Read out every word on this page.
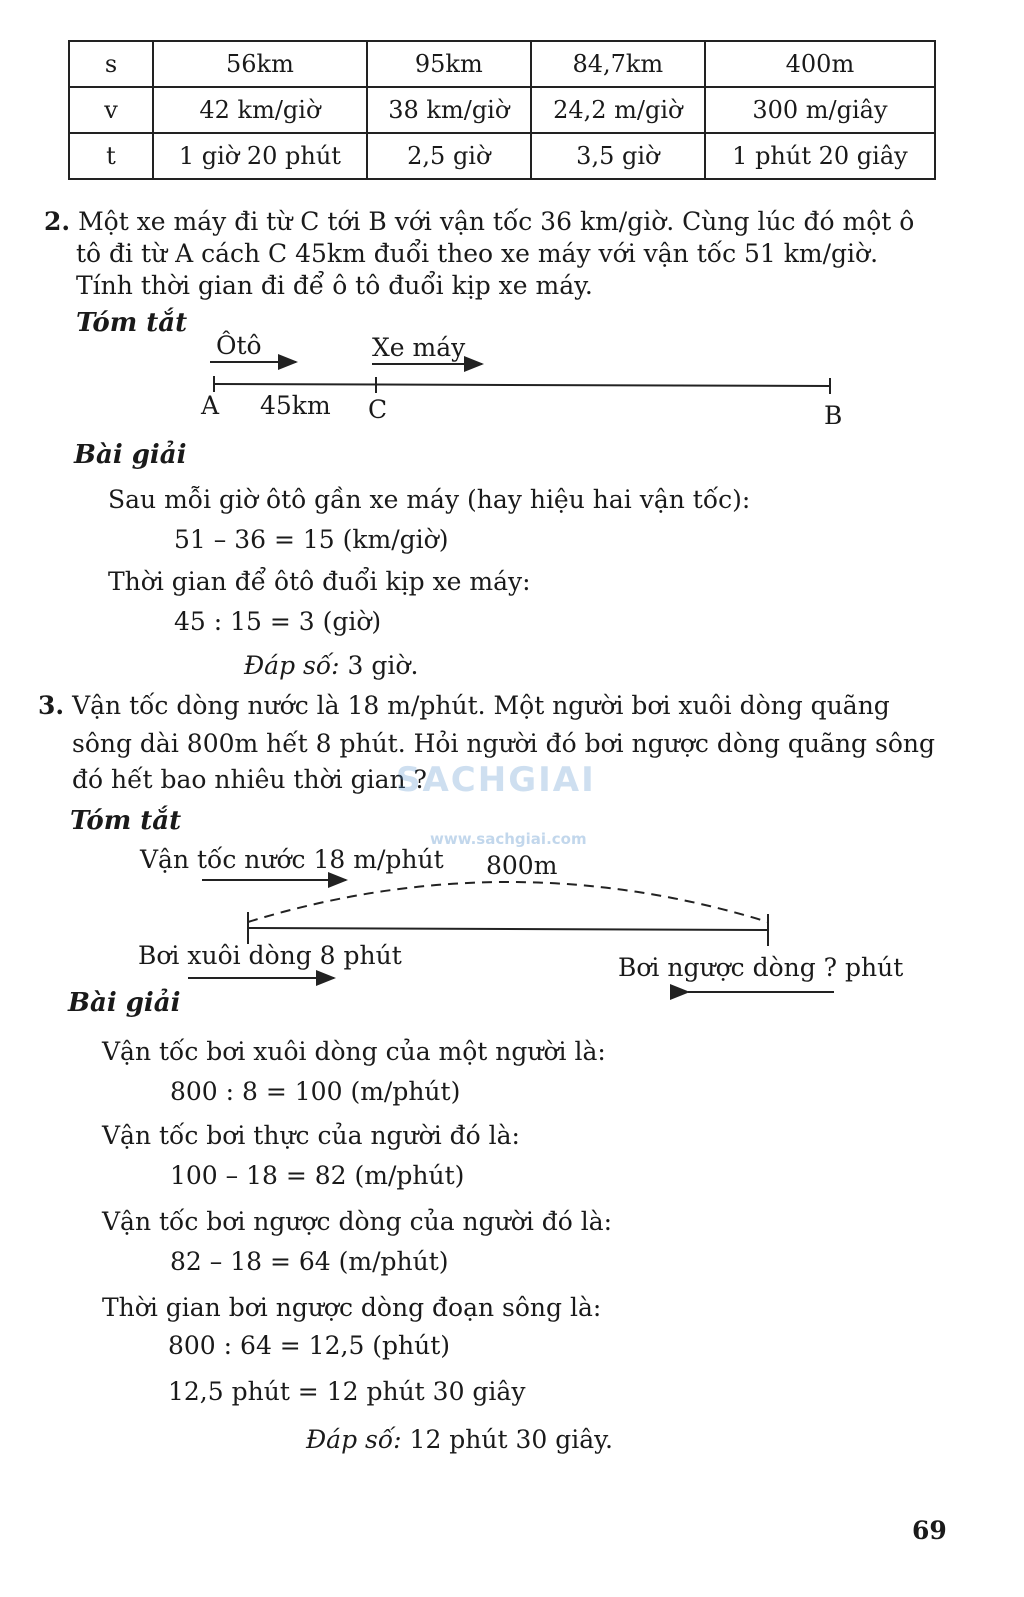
s	56km	95km	84,7km	400m
v	42 km/giờ	38 km/giờ	24,2 m/giờ	300 m/giây
t	1 giờ 20 phút	2,5 giờ	3,5 giờ	1 phút 20 giây
2. Một xe máy đi từ C tới B với vận tốc 36 km/giờ. Cùng lúc đó một ô
tô đi từ A cách C 45km đuổi theo xe máy với vận tốc 51 km/giờ.
Tính thời gian đi để ô tô đuổi kịp xe máy.
Tóm tắt
Ôtô	Xe máy
A 45km C	B
Bài giải
Sau mỗi giờ ôtô gần xe máy (hay hiệu hai vận tốc):
51 – 36 = 15 (km/giờ)
Thời gian để ôtô đuổi kịp xe máy:
45 : 15 = 3 (giờ)
Đáp số: 3 giờ.
3. Vận tốc dòng nước là 18 m/phút. Một người bơi xuôi dòng quãng
sông dài 800m hết 8 phút. Hỏi người đó bơi ngược dòng quãng sông
đó hết bao nhiêu thời gian ?
SACHGIAI
www.sachgiai.com
Tóm tắt
Vận tốc nước 18 m/phút 800m
Bơi xuôi dòng 8 phút	Bơi ngược dòng ? phút
Bài giải
Vận tốc bơi xuôi dòng của một người là:
800 : 8 = 100 (m/phút)
Vận tốc bơi thực của người đó là:
100 – 18 = 82 (m/phút)
Vận tốc bơi ngược dòng của người đó là:
82 – 18 = 64 (m/phút)
Thời gian bơi ngược dòng đoạn sông là:
800 : 64 = 12,5 (phút)
12,5 phút = 12 phút 30 giây
Đáp số: 12 phút 30 giây.
69
